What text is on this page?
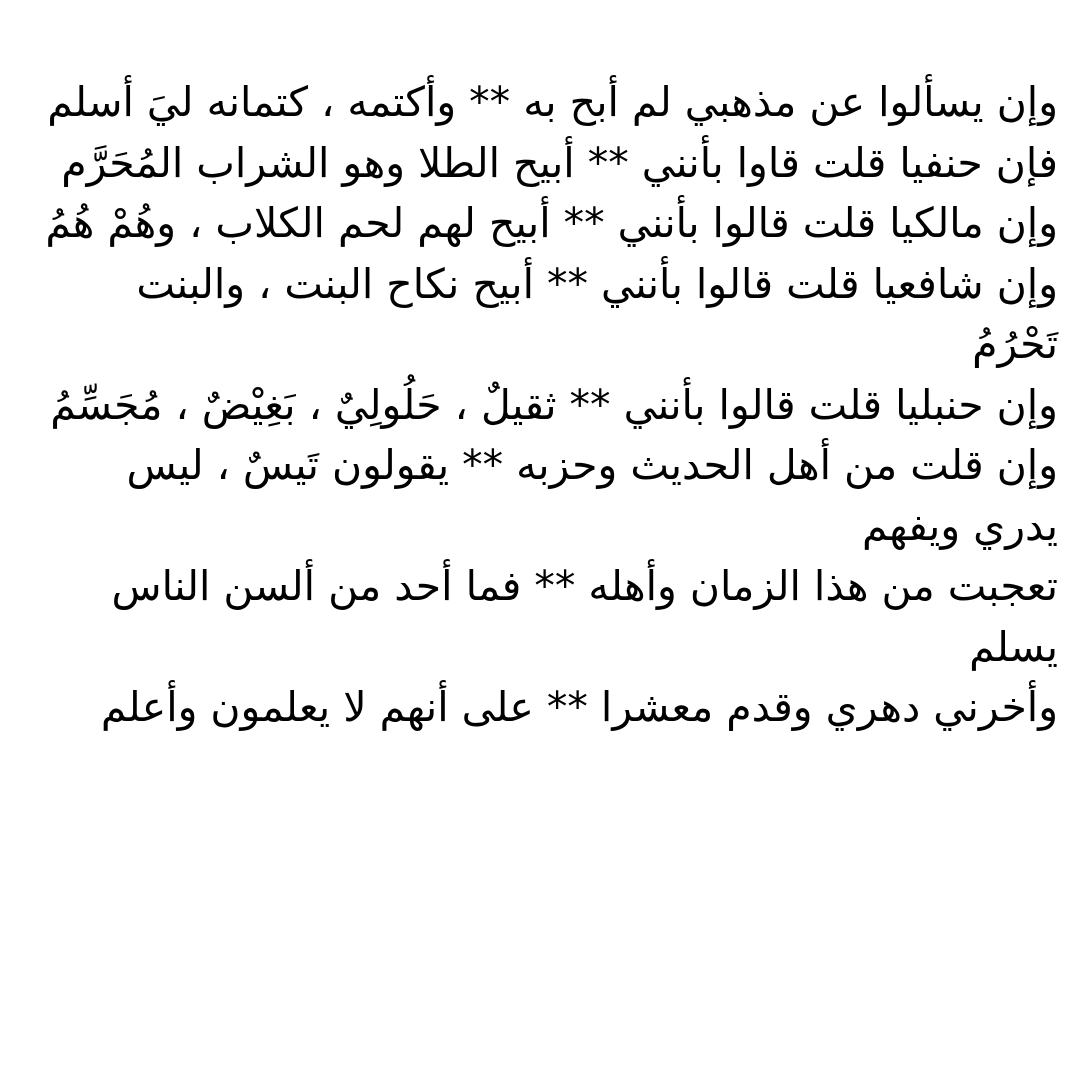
وإن يسألوا عن مذهبي لم أبح به ** وأكتمه ، كتمانه ليَ أسلم
فإن حنفيا قلت قاوا بأنني ** أبيح الطلا وهو الشراب المُحَرَّم
وإن مالكيا قلت قالوا بأنني ** أبيح لهم لحم الكلاب ، وهُمْ هُمُ
وإن شافعيا قلت قالوا بأنني ** أبيح نكاح البنت ، والبنت تَحْرُمُ
وإن حنبليا قلت قالوا بأنني ** ثقيلٌ ، حَلُولِيٌ ، بَغِيْضٌ ، مُجَسِّمُ
وإن قلت من أهل الحديث وحزبه ** يقولون تَيسٌ ، ليس يدري ويفهم
تعجبت من هذا الزمان وأهله ** فما أحد من ألسن الناس يسلم
وأخرني دهري وقدم معشرا ** على أنهم لا يعلمون وأعلم
